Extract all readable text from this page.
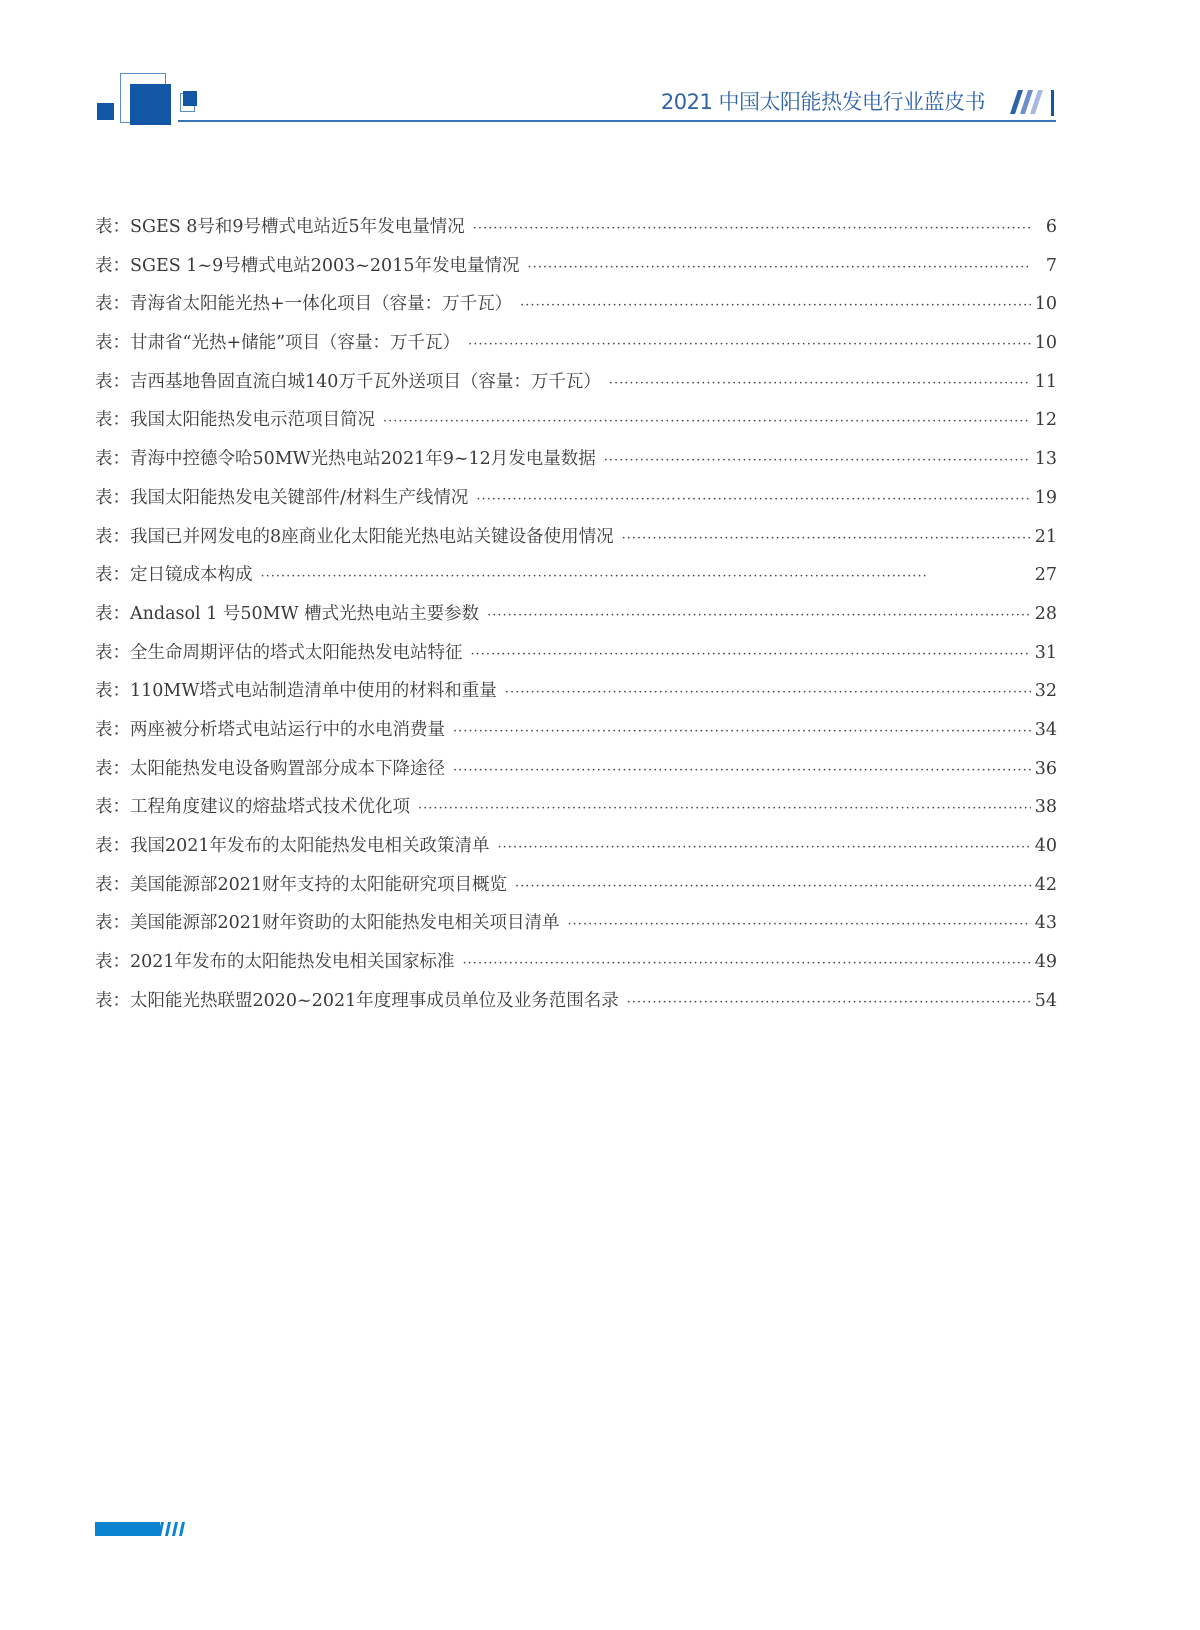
2021 中国太阳能热发电行业蓝皮书
表： SGES 8号和9号槽式电站近5年发电量情况 ·····	6
表： SGES 1~9号槽式电站2003~2015年发电量情况 ·····	7
表： 青海省太阳能光热+一体化项目（容量：万千瓦） ·····	10
表： 甘肃省“光热+储能”项目（容量：万千瓦） ·····	10
表： 吉西基地鲁固直流白城140万千瓦外送项目（容量：万千瓦） ·····	11
表： 我国太阳能热发电示范项目简况 ·····	12
表： 青海中控德令哈50MW光热电站2021年9~12月发电量数据 ·····	13
表： 我国太阳能热发电关键部件/材料生产线情况 ·····	19
表： 我国已并网发电的8座商业化太阳能光热电站关键设备使用情况 ·····	21
表： 定日镜成本构成 ·····	27
表： Andasol 1 号50MW 槽式光热电站主要参数 ·····	28
表： 全生命周期评估的塔式太阳能热发电站特征 ·····	31
表： 110MW塔式电站制造清单中使用的材料和重量 ·····	32
表： 两座被分析塔式电站运行中的水电消费量 ·····	34
表： 太阳能热发电设备购置部分成本下降途径 ·····	36
表： 工程角度建议的熔盐塔式技术优化项 ·····	38
表： 我国2021年发布的太阳能热发电相关政策清单 ·····	40
表： 美国能源部2021财年支持的太阳能研究项目概览 ·····	42
表： 美国能源部2021财年资助的太阳能热发电相关项目清单 ·····	43
表： 2021年发布的太阳能热发电相关国家标准 ·····	49
表： 太阳能光热联盟2020~2021年度理事成员单位及业务范围名录 ·····	54
